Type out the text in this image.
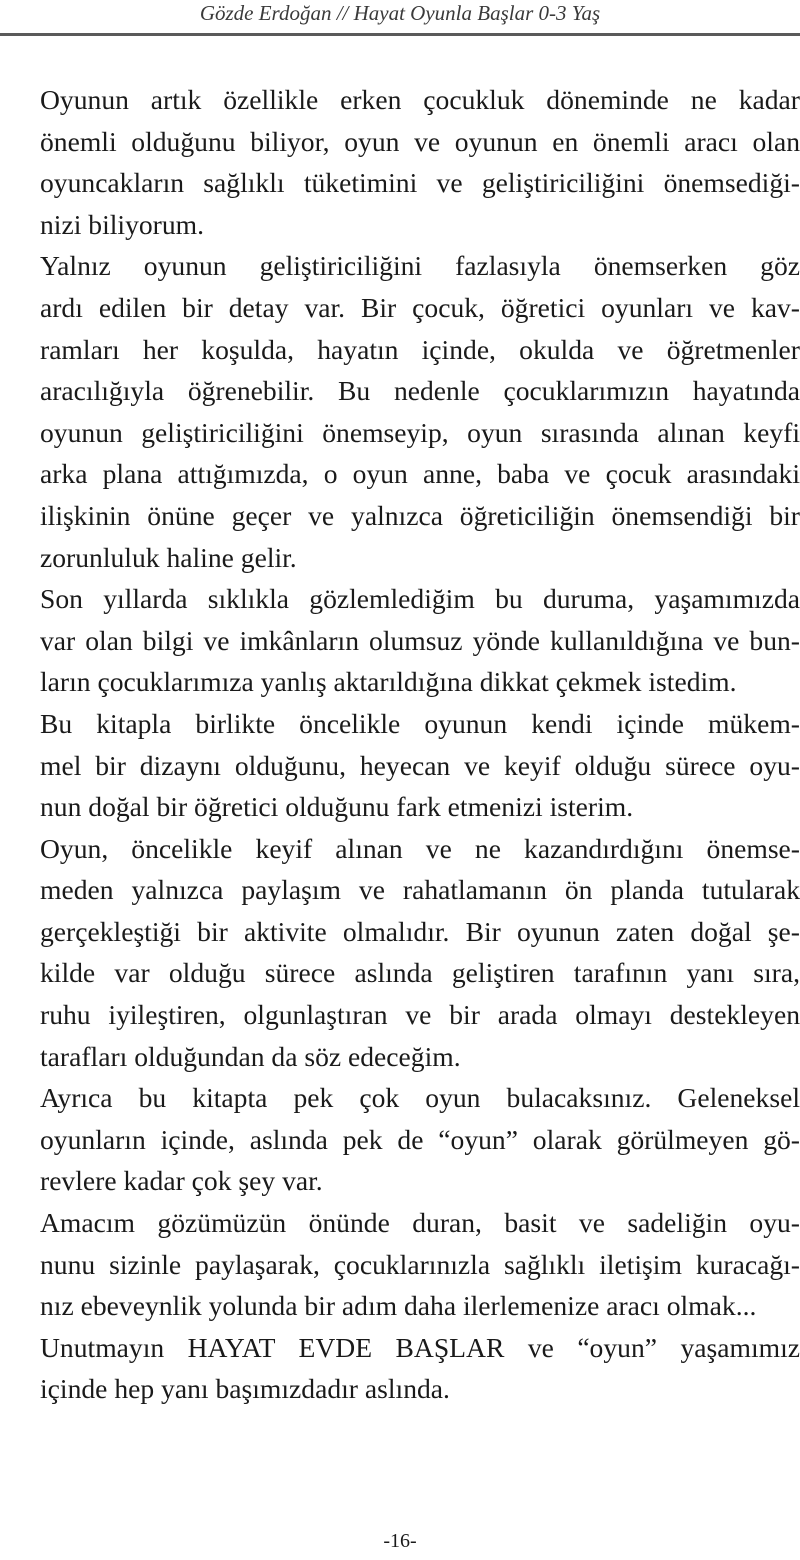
Gözde Erdoğan // Hayat Oyunla Başlar 0-3 Yaş
Oyunun artık özellikle erken çocukluk döneminde ne kadar
önemli olduğunu biliyor, oyun ve oyunun en önemli aracı olan
oyuncakların sağlıklı tüketimini ve geliştiriciliğini önemsediği-
nizi biliyorum.
Yalnız oyunun geliştiriciliğini fazlasıyla önemserken göz
ardı edilen bir detay var. Bir çocuk, öğretici oyunları ve kav-
ramları her koşulda, hayatın içinde, okulda ve öğretmenler
aracılığıyla öğrenebilir. Bu nedenle çocuklarımızın hayatında
oyunun geliştiriciliğini önemseyip, oyun sırasında alınan keyfi
arka plana attığımızda, o oyun anne, baba ve çocuk arasındaki
ilişkinin önüne geçer ve yalnızca öğreticiliğin önemsendiği bir
zorunluluk haline gelir.
Son yıllarda sıklıkla gözlemlediğim bu duruma, yaşamımızda
var olan bilgi ve imkânların olumsuz yönde kullanıldığına ve bun-
ların çocuklarımıza yanlış aktarıldığına dikkat çekmek istedim.
Bu kitapla birlikte öncelikle oyunun kendi içinde mükem-
mel bir dizaynı olduğunu, heyecan ve keyif olduğu sürece oyu-
nun doğal bir öğretici olduğunu fark etmenizi isterim.
Oyun, öncelikle keyif alınan ve ne kazandırdığını önemse-
meden yalnızca paylaşım ve rahatlamanın ön planda tutularak
gerçekleştiği bir aktivite olmalıdır. Bir oyunun zaten doğal şe-
kilde var olduğu sürece aslında geliştiren tarafının yanı sıra,
ruhu iyileştiren, olgunlaştıran ve bir arada olmayı destekleyen
tarafları olduğundan da söz edeceğim.
Ayrıca bu kitapta pek çok oyun bulacaksınız. Geleneksel
oyunların içinde, aslında pek de “oyun” olarak görülmeyen gö-
revlere kadar çok şey var.
Amacım gözümüzün önünde duran, basit ve sadeliğin oyu-
nunu sizinle paylaşarak, çocuklarınızla sağlıklı iletişim kuracağı-
nız ebeveynlik yolunda bir adım daha ilerlemenize aracı olmak...
Unutmayın HAYAT EVDE BAŞLAR ve “oyun” yaşamımız
içinde hep yanı başımızdadır aslında.
-16-
